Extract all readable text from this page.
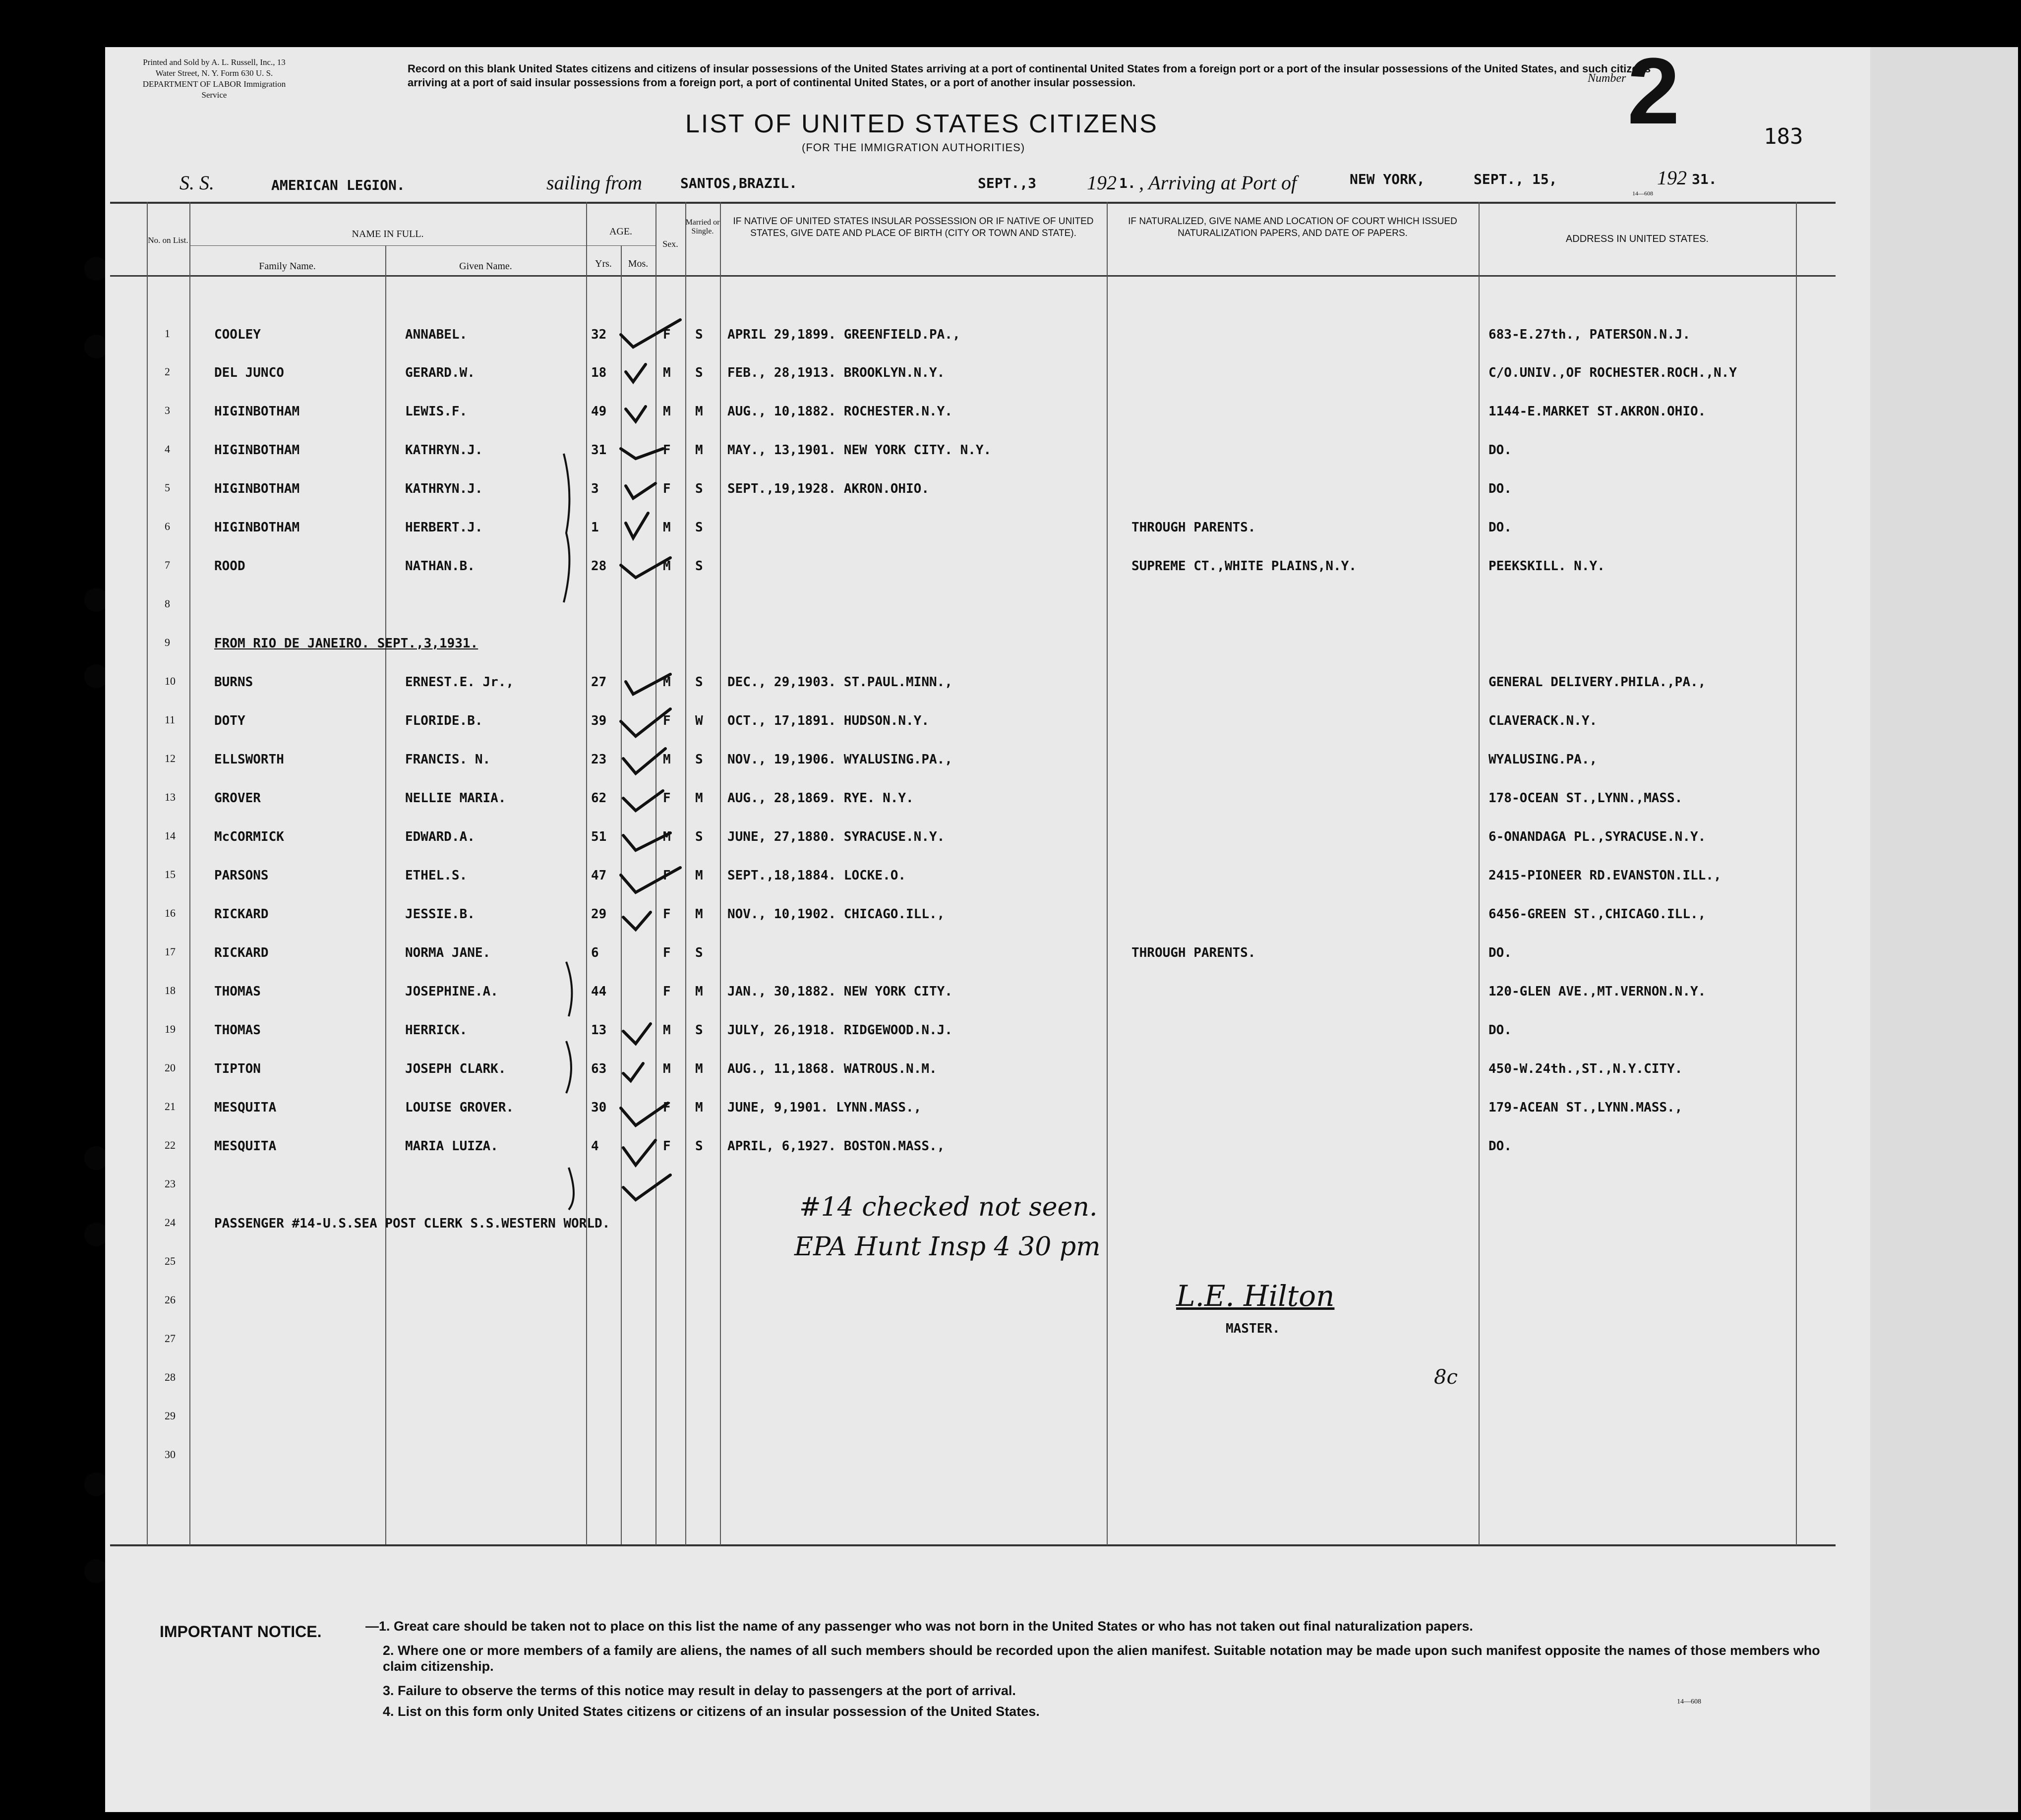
Printed and Sold by A. L. Russell, Inc., 13 Water Street, N. Y. Form 630 U. S. DEPARTMENT OF LABOR Immigration Service
Record on this blank United States citizens and citizens of insular possessions of the United States arriving at a port of continental United States from a foreign port or a port of the insular possessions of the United States, and such citizens arriving at a port of said insular possessions from a foreign port, a port of continental United States, or a port of another insular possession.	Number 2	183
LIST OF UNITED STATES CITIZENS
(FOR THE IMMIGRATION AUTHORITIES)
S. S.	AMERICAN LEGION.	sailing from	SANTOS,BRAZIL.	SEPT.,3	192 1. , Arriving at Port of	NEW YORK,	SEPT., 15,	192 31.
14—608
No. on List.
NAME IN FULL.
Family Name.	Given Name.
AGE.
Yrs.	Mos.
Sex.
Married or Single.
IF NATIVE OF UNITED STATES INSULAR POSSESSION OR IF NATIVE OF UNITED STATES, GIVE DATE AND PLACE OF BIRTH (CITY OR TOWN AND STATE).
IF NATURALIZED, GIVE NAME AND LOCATION OF COURT WHICH ISSUED NATURALIZATION PAPERS, AND DATE OF PAPERS.
ADDRESS IN UNITED STATES.
1	COOLEY	ANNABEL.	32	F S APRIL 29,1899. GREENFIELD.PA.,	683-E.27th., PATERSON.N.J.
2	DEL JUNCO	GERARD.W.	18	M S FEB., 28,1913. BROOKLYN.N.Y.	C/O.UNIV.,OF ROCHESTER.ROCH.,N.Y
3	HIGINBOTHAM	LEWIS.F.	49	M M AUG., 10,1882. ROCHESTER.N.Y.	1144-E.MARKET ST.AKRON.OHIO.
4	HIGINBOTHAM	KATHRYN.J.	31	F M MAY., 13,1901. NEW YORK CITY. N.Y.	DO.
5	HIGINBOTHAM	KATHRYN.J.	3	F S SEPT.,19,1928. AKRON.OHIO.	DO.
6	HIGINBOTHAM	HERBERT.J.	1	M S	THROUGH PARENTS.	DO.
7	ROOD	NATHAN.B.	28	M S	SUPREME CT.,WHITE PLAINS,N.Y.	PEEKSKILL. N.Y.
8
9	FROM RIO DE JANEIRO. SEPT.,3,1931.
10	BURNS	ERNEST.E. Jr.,	27	M S DEC., 29,1903. ST.PAUL.MINN.,	GENERAL DELIVERY.PHILA.,PA.,
11	DOTY	FLORIDE.B.	39	F W OCT., 17,1891. HUDSON.N.Y.	CLAVERACK.N.Y.
12	ELLSWORTH	FRANCIS. N.	23	M S NOV., 19,1906. WYALUSING.PA.,	WYALUSING.PA.,
13	GROVER	NELLIE MARIA.	62	F M AUG., 28,1869. RYE. N.Y.	178-OCEAN ST.,LYNN.,MASS.
14	McCORMICK	EDWARD.A.	51	M S JUNE, 27,1880. SYRACUSE.N.Y.	6-ONANDAGA PL.,SYRACUSE.N.Y.
15	PARSONS	ETHEL.S.	47	F M SEPT.,18,1884. LOCKE.O.	2415-PIONEER RD.EVANSTON.ILL.,
16	RICKARD	JESSIE.B.	29	F M NOV., 10,1902. CHICAGO.ILL.,	6456-GREEN ST.,CHICAGO.ILL.,
17	RICKARD	NORMA JANE.	6	F S	THROUGH PARENTS.	DO.
18	THOMAS	JOSEPHINE.A.	44	F M JAN., 30,1882. NEW YORK CITY.	120-GLEN AVE.,MT.VERNON.N.Y.
19	THOMAS	HERRICK.	13	M S JULY, 26,1918. RIDGEWOOD.N.J.	DO.
20	TIPTON	JOSEPH CLARK.	63	M M AUG., 11,1868. WATROUS.N.M.	450-W.24th.,ST.,N.Y.CITY.
21	MESQUITA	LOUISE GROVER.	30	F M JUNE, 9,1901. LYNN.MASS.,	179-ACEAN ST.,LYNN.MASS.,
22	MESQUITA	MARIA LUIZA.	4	F S APRIL, 6,1927. BOSTON.MASS.,	DO.
23
24	PASSENGER #14-U.S.SEA POST CLERK S.S.WESTERN WORLD.
25
26
27
28
29
30
#14 checked not seen.
EPA Hunt Insp 4 30 pm
L.E. Hilton
MASTER.
8c
IMPORTANT NOTICE.	—1. Great care should be taken not to place on this list the name of any passenger who was not born in the United States or who has not taken out final naturalization papers.
2. Where one or more members of a family are aliens, the names of all such members should be recorded upon the alien manifest. Suitable notation may be made upon such manifest opposite the names of those members who claim citizenship.
3. Failure to observe the terms of this notice may result in delay to passengers at the port of arrival.
4. List on this form only United States citizens or citizens of an insular possession of the United States.
14—608
